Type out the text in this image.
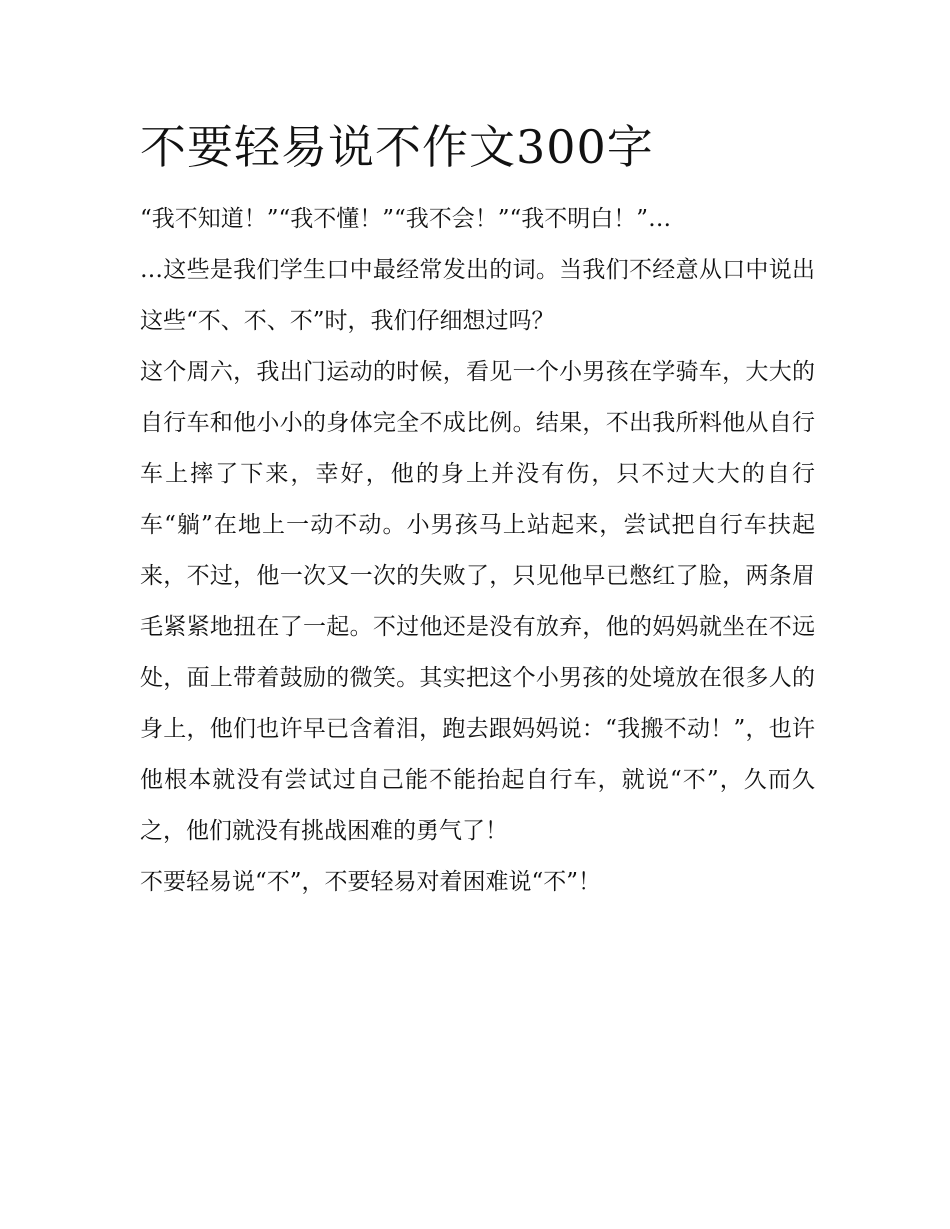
不要轻易说不作文300字

“我不知道！”“我不懂！”“我不会！”“我不明白！”…

…这些是我们学生口中最经常发出的词。当我们不经意从口中说出这些“不、不、不”时，我们仔细想过吗？

这个周六，我出门运动的时候，看见一个小男孩在学骑车，大大的自行车和他小小的身体完全不成比例。结果，不出我所料他从自行车上摔了下来，幸好，他的身上并没有伤，只不过大大的自行车“躺”在地上一动不动。小男孩马上站起来，尝试把自行车扶起来，不过，他一次又一次的失败了，只见他早已憋红了脸，两条眉毛紧紧地扭在了一起。不过他还是没有放弃，他的妈妈就坐在不远处，面上带着鼓励的微笑。其实把这个小男孩的处境放在很多人的身上，他们也许早已含着泪，跑去跟妈妈说：“我搬不动！”，也许他根本就没有尝试过自己能不能抬起自行车，就说“不”，久而久之，他们就没有挑战困难的勇气了！

不要轻易说“不”，不要轻易对着困难说“不”！
